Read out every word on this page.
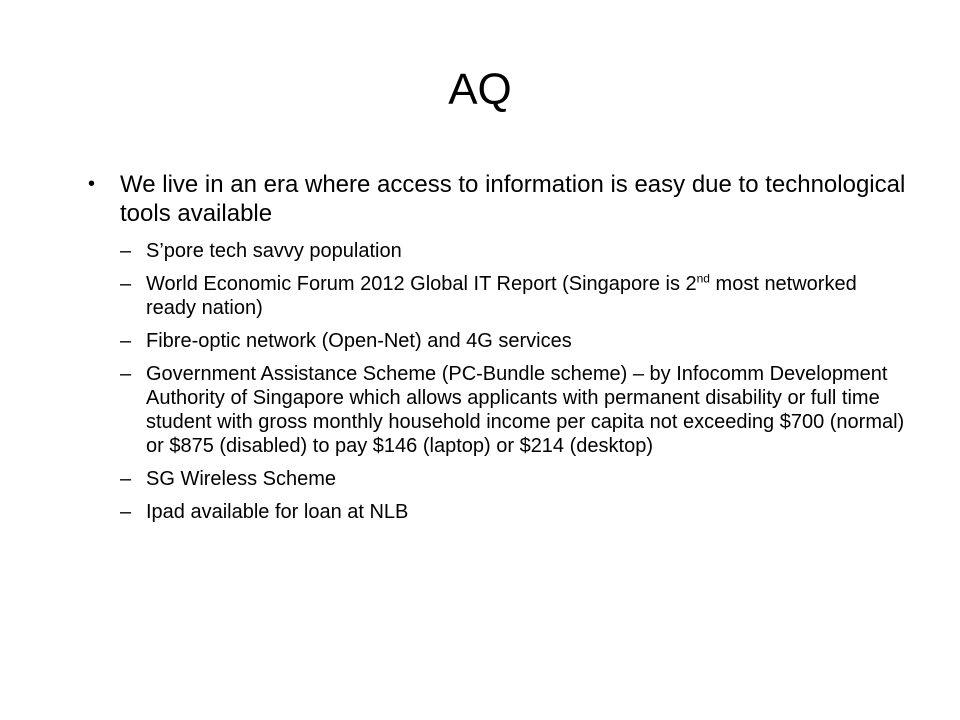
AQ
• We live in an era where access to information is easy due to technological tools available
– S’pore tech savvy population
– World Economic Forum 2012 Global IT Report (Singapore is 2nd most networked ready nation)
– Fibre-optic network (Open-Net) and 4G services
– Government Assistance Scheme (PC-Bundle scheme) – by Infocomm Development Authority of Singapore which allows applicants with permanent disability or full time student with gross monthly household income per capita not exceeding $700 (normal) or $875 (disabled) to pay $146 (laptop) or $214 (desktop)
– SG Wireless Scheme
– Ipad available for loan at NLB
